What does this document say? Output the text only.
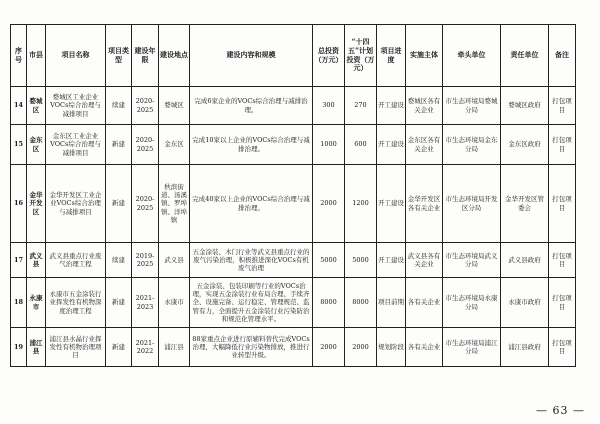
序号	市县	项目名称	项目类型	建设年限	建设地点	建设内容和规模	总投资（万元）	“十四五”计划投资（万元）	项目进度	实施主体	牵头单位	责任单位	备注
14	婺城区	婺城区工业企业VOCs综合治理与减排项目	续建	2020-2025	婺城区	完成6家企业的VOCs综合治理与减排治理。	300	270	开工建设	婺城区各有关企业	市生态环境局婺城分局	婺城区政府	打包项目
15	金东区	金东区工业企业VOCs综合治理与减排项目	新建	2020-2025	金东区	完成10家以上企业的VOCs综合治理与减排治理。	1000	600	开工建设	金东区各有关企业	市生态环境局金东分局	金东区政府	打包项目
16	金华开发区	金华开发区工业企业VOCs综合治理与减排项目	新建	2020-2025	秋滨街道、汤溪镇、罗埠镇、洋埠镇	完成40家以上企业的VOCs综合治理与减排治理。	2000	1200	开工建设	金华开发区各有关企业	市生态环境局开发区分局	金华开发区管委会	打包项目
17	武义县	武义县重点行业废气治理工程	续建	2019-2025	武义县	五金涂装、木门行业等武义县重点行业的废气污染治理，积极推进深化VOCs有机废气治理	5000	5000	开工建设	武义县各有关企业	市生态环境局武义分局	武义县政府	打包项目
18	永康市	永康市五金涂装行业挥发性有机物深度治理工程	新建	2021-2023	永康市	五金涂装、包装印刷等行业的VOCs治理，实现五金涂装行业布局合理、手续齐全、设施完备、运行稳定、管理规范、监管有力，全面提升五金涂装行业污染防治和规范化管理水平。	8000	8000	项目前期	各有关企业	市生态环境局永康分局	永康市政府	打包项目
19	浦江县	浦江县水晶行业挥发性有机物治理项目	新建	2021-2022	浦江县	88家重点企业进行原辅料替代完成VOCs治理，大幅降低行业污染物排放，推进行业转型升级。	2000	2000	规划阶段	各有关企业	市生态环境局浦江分局	浦江县政府	打包项目
— 63 —
